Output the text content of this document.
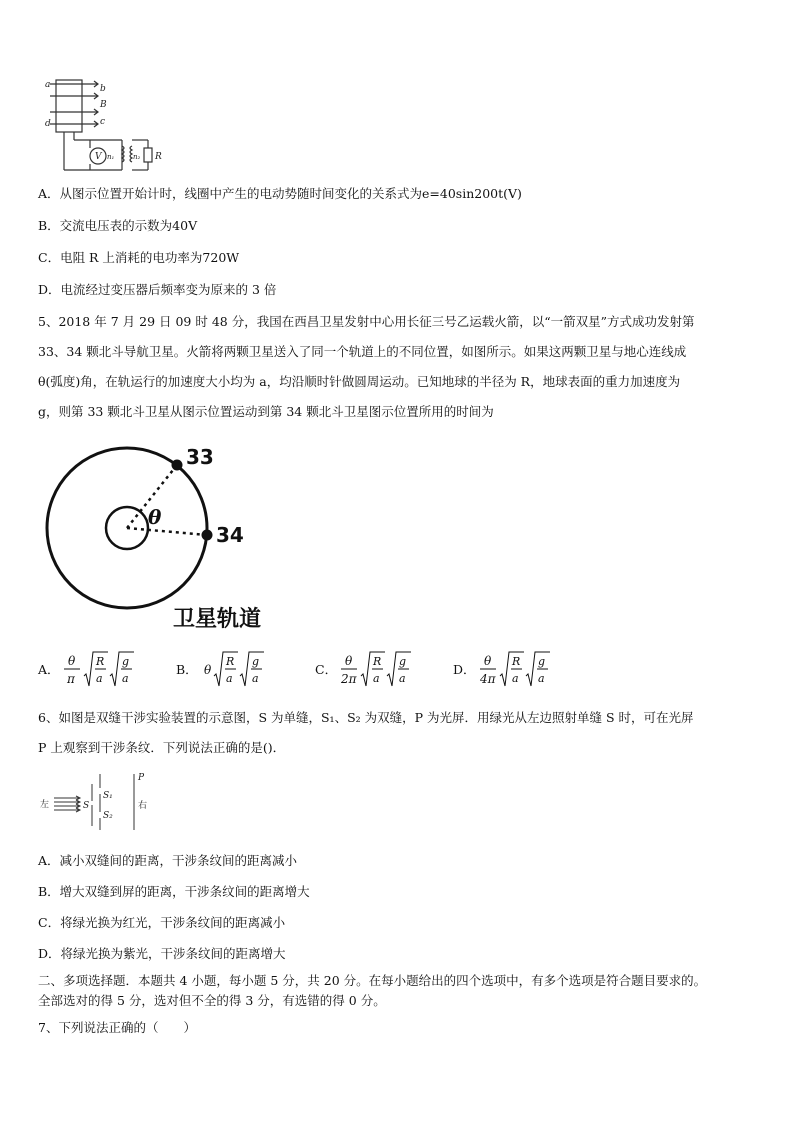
a	b
B
d	c
V n₁	n₂ R
A．从图示位置开始计时，线圈中产生的电动势随时间变化的关系式为e=40sin200t(V)
B．交流电压表的示数为40V
C．电阻 R 上消耗的电功率为720W
D．电流经过变压器后频率变为原来的 3 倍
5、2018 年 7 月 29 日 09 时 48 分，我国在西昌卫星发射中心用长征三号乙运载火箭，以“一箭双星”方式成功发射第
33、34 颗北斗导航卫星。火箭将两颗卫星送入了同一个轨道上的不同位置，如图所示。如果这两颗卫星与地心连线成
θ(弧度)角，在轨运行的加速度大小均为 a，均沿顺时针做圆周运动。已知地球的半径为 R，地球表面的重力加速度为
g，则第 33 颗北斗卫星从图示位置运动到第 34 颗北斗卫星图示位置所用的时间为
33
34
θ
卫星轨道
A．
θ
π
R
a
g
a
B． θ
R
a
g
a
C．
θ
2π
R
a
g
a
D．
θ
4π
R
a
g
a
6、如图是双缝干涉实验装置的示意图，S 为单缝，S₁、S₂ 为双缝，P 为光屏．用绿光从左边照射单缝 S 时，可在光屏
P 上观察到干涉条纹．下列说法正确的是()．
左	S
S₁
S₂
P
右
A．减小双缝间的距离，干涉条纹间的距离减小
B．增大双缝到屏的距离，干涉条纹间的距离增大
C．将绿光换为红光，干涉条纹间的距离减小
D．将绿光换为紫光，干涉条纹间的距离增大
二、多项选择题．本题共 4 小题，每小题 5 分，共 20 分。在每小题给出的四个选项中，有多个选项是符合题目要求的。
全部选对的得 5 分，选对但不全的得 3 分，有选错的得 0 分。
7、下列说法正确的（　　）
